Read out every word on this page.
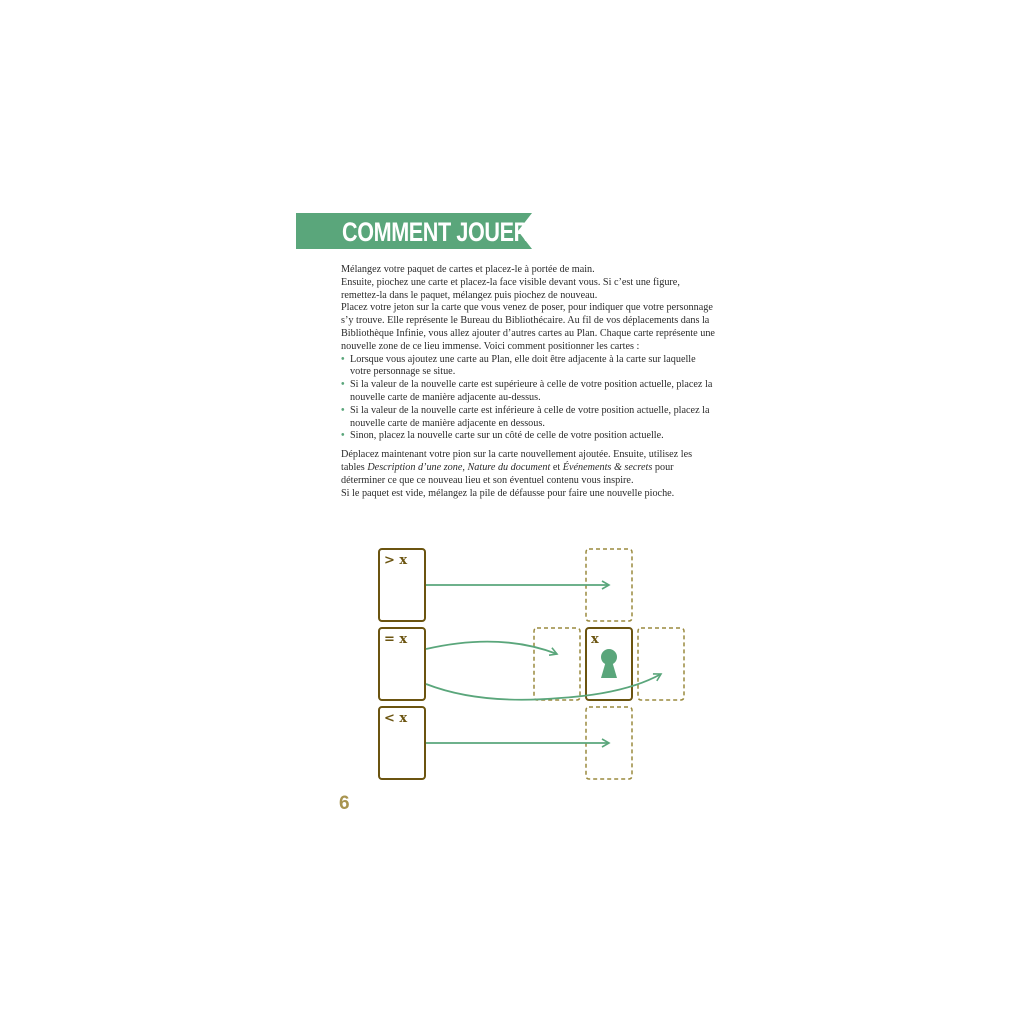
COMMENT JOUER ?

Mélangez votre paquet de cartes et placez-le à portée de main.

Ensuite, piochez une carte et placez-la face visible devant vous. Si c’est une figure, remettez-la dans le paquet, mélangez puis piochez de nouveau.

Placez votre jeton sur la carte que vous venez de poser, pour indiquer que votre personnage s’y trouve. Elle représente le Bureau du Bibliothécaire. Au fil de vos déplacements dans la Bibliothèque Infinie, vous allez ajouter d’autres cartes au Plan. Chaque carte représente une nouvelle zone de ce lieu immense. Voici comment positionner les cartes :

• Lorsque vous ajoutez une carte au Plan, elle doit être adjacente à la carte sur laquelle votre personnage se situe.
• Si la valeur de la nouvelle carte est supérieure à celle de votre position actuelle, placez la nouvelle carte de manière adjacente au-dessus.
• Si la valeur de la nouvelle carte est inférieure à celle de votre position actuelle, placez la nouvelle carte de manière adjacente en dessous.
• Sinon, placez la nouvelle carte sur un côté de celle de votre position actuelle.

Déplacez maintenant votre pion sur la carte nouvellement ajoutée. Ensuite, utilisez les tables Description d’une zone, Nature du document et Événements & secrets pour déterminer ce que ce nouveau lieu et son éventuel contenu vous inspire.

Si le paquet est vide, mélangez la pile de défausse pour faire une nouvelle pioche.

> x
= x
< x
x
6
